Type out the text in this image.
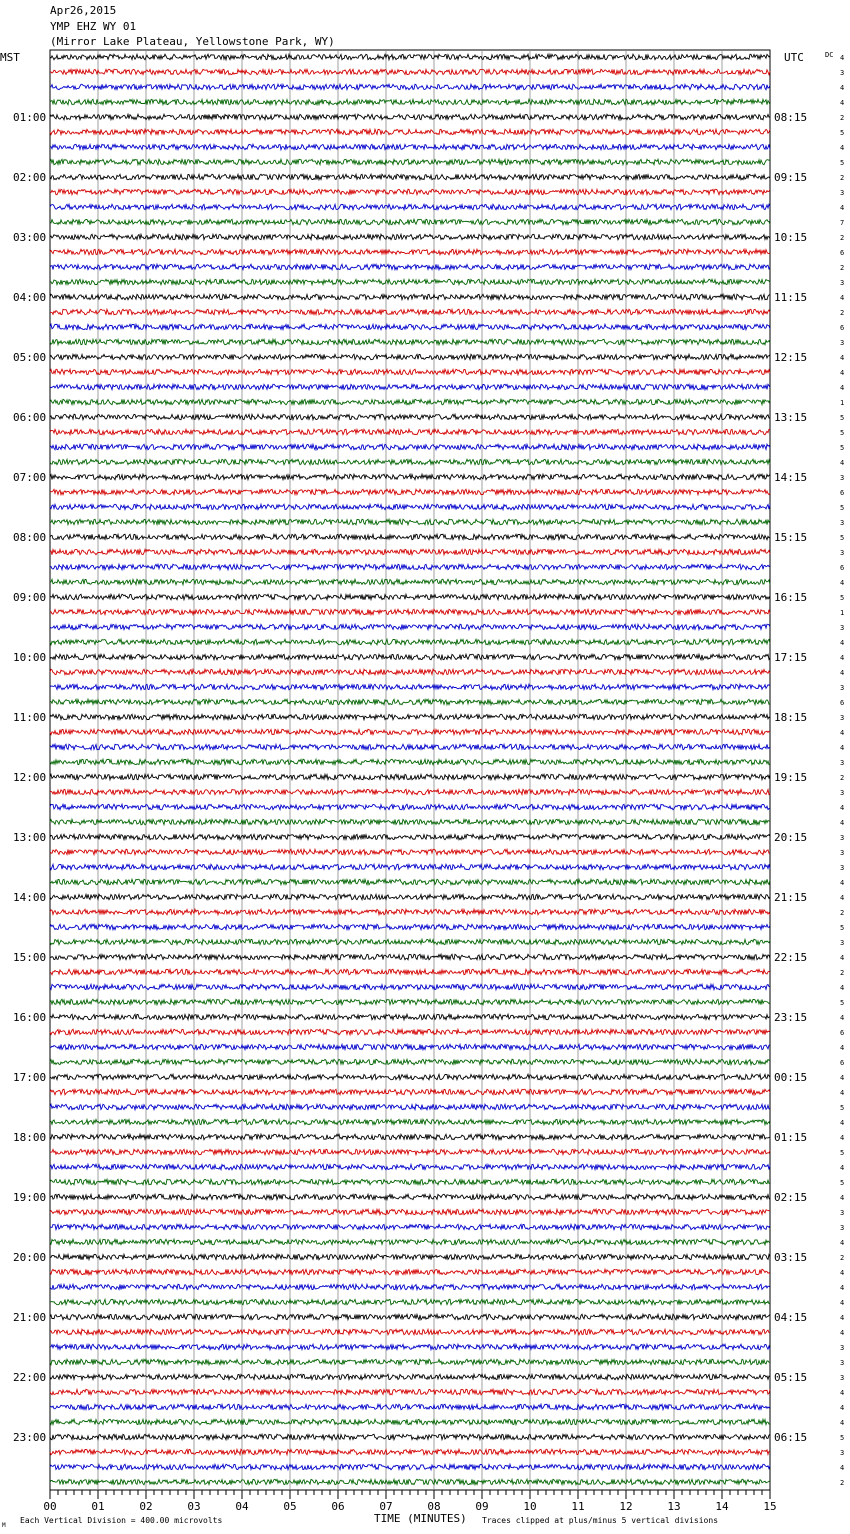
Apr26,2015
YMP EHZ WY 01
(Mirror Lake Plateau, Yellowstone Park, WY)
MST	UTC	DC
TIME (MINUTES)
Each Vertical Division = 400.00 microvolts	Traces clipped at plus/minus 5 vertical divisions
M
01:00
02:00
03:00
04:00
05:00
06:00
07:00
08:00
09:00
10:00
11:00
12:00
13:00
14:00
15:00
16:00
17:00
18:00
19:00
20:00
21:00
22:00
23:00
08:15
09:15
10:15
11:15
12:15
13:15
14:15
15:15
16:15
17:15
18:15
19:15
20:15
21:15
22:15
23:15
00:15
01:15
02:15
03:15
04:15
05:15
06:15
4
3
4
4
2
5
4
5
2
3
4
7
2
6
2
3
4
2
6
3
4
4
4
1
5
5
5
4
3
6
5
3
5
3
6
4
5
1
3
4
4
4
3
6
3
4
4
3
2
3
4
4
3
3
3
4
4
2
5
3
4
2
4
5
4
6
4
6
4
4
5
4
4
5
4
5
4
3
3
4
2
4
4
4
4
4
3
3
3
4
4
4
5
3
4
2
00	01	02	03	04	05	06	07	08	09	10	11	12	13	14	15
